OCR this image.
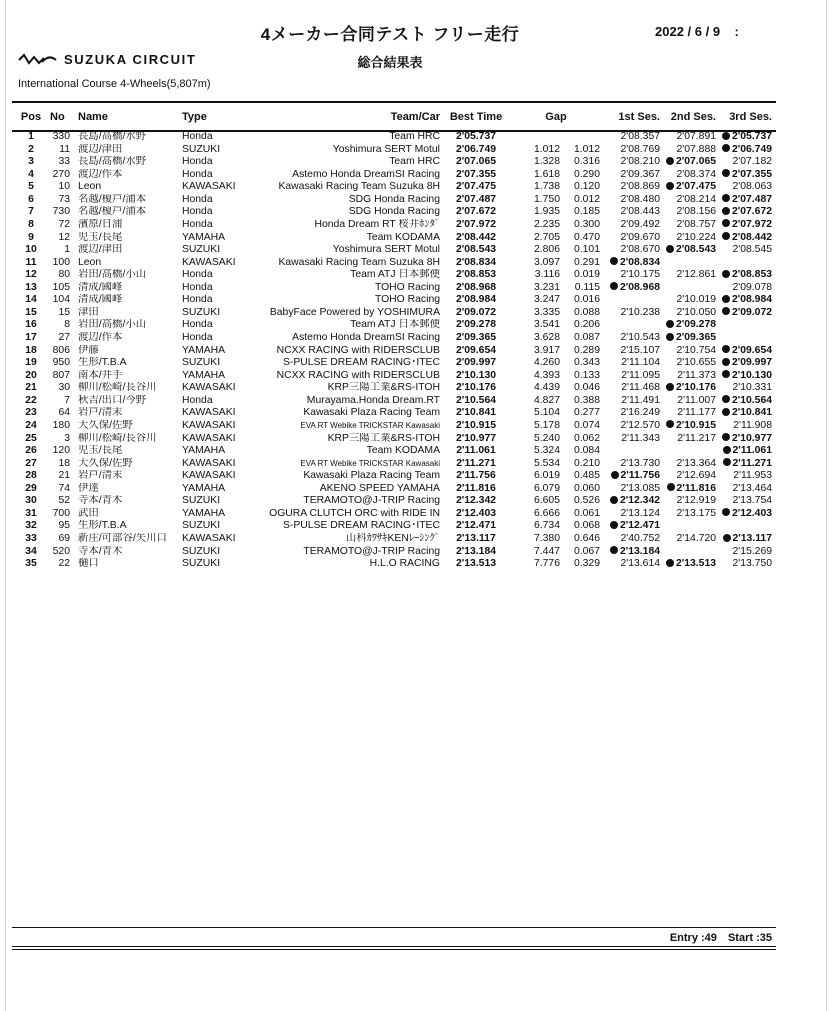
4メーカー合同テスト フリー走行	2022 / 6 / 9 :
総合結果表
SUZUKA CIRCUIT
International Course 4-Wheels(5,807m)
Pos	No	Name	Type	Team/Car	Best Time	Gap		1st Ses.	2nd Ses.	3rd Ses.
1	330	長島/高橋/水野	Honda	Team HRC	2'05.737			2'08.357	2'07.891	2'05.737
2	11	渡辺/津田	SUZUKI	Yoshimura SERT Motul	2'06.749	1.012	1.012	2'08.769	2'07.888	2'06.749
3	33	長島/高橋/水野	Honda	Team HRC	2'07.065	1.328	0.316	2'08.210	2'07.065	2'07.182
4	270	渡辺/作本	Honda	Astemo Honda DreamSI Racing	2'07.355	1.618	0.290	2'09.367	2'08.374	2'07.355
5	10	Leon	KAWASAKI	Kawasaki Racing Team Suzuka 8H	2'07.475	1.738	0.120	2'08.869	2'07.475	2'08.063
6	73	名越/榎戸/浦本	Honda	SDG Honda Racing	2'07.487	1.750	0.012	2'08.480	2'08.214	2'07.487
7	730	名越/榎戸/浦本	Honda	SDG Honda Racing	2'07.672	1.935	0.185	2'08.443	2'08.156	2'07.672
8	72	濱原/日浦	Honda	Honda Dream RT 桜井ﾎﾝﾀﾞ	2'07.972	2.235	0.300	2'09.492	2'08.757	2'07.972
9	12	児玉/長尾	YAMAHA	Team KODAMA	2'08.442	2.705	0.470	2'09.670	2'10.224	2'08.442
10	1	渡辺/津田	SUZUKI	Yoshimura SERT Motul	2'08.543	2.806	0.101	2'08.670	2'08.543	2'08.545
11	100	Leon	KAWASAKI	Kawasaki Racing Team Suzuka 8H	2'08.834	3.097	0.291	2'08.834		
12	80	岩田/高橋/小山	Honda	Team ATJ 日本郵便	2'08.853	3.116	0.019	2'10.175	2'12.861	2'08.853
13	105	清成/國峰	Honda	TOHO Racing	2'08.968	3.231	0.115	2'08.968		2'09.078
14	104	清成/國峰	Honda	TOHO Racing	2'08.984	3.247	0.016		2'10.019	2'08.984
15	15	津田	SUZUKI	BabyFace Powered by YOSHIMURA	2'09.072	3.335	0.088	2'10.238	2'10.050	2'09.072
16	8	岩田/高橋/小山	Honda	Team ATJ 日本郵便	2'09.278	3.541	0.206		2'09.278	
17	27	渡辺/作本	Honda	Astemo Honda DreamSI Racing	2'09.365	3.628	0.087	2'10.543	2'09.365	
18	806	伊藤	YAMAHA	NCXX RACING with RIDERSCLUB	2'09.654	3.917	0.289	2'15.107	2'10.754	2'09.654
19	950	生形/T.B.A	SUZUKI	S-PULSE DREAM RACING･ITEC	2'09.997	4.260	0.343	2'11.104	2'10.655	2'09.997
20	807	南本/井手	YAMAHA	NCXX RACING with RIDERSCLUB	2'10.130	4.393	0.133	2'11.095	2'11.373	2'10.130
21	30	柳川/松崎/長谷川	KAWASAKI	KRP三陽工業&RS-ITOH	2'10.176	4.439	0.046	2'11.468	2'10.176	2'10.331
22	7	秋吉/出口/今野	Honda	Murayama.Honda Dream.RT	2'10.564	4.827	0.388	2'11.491	2'11.007	2'10.564
23	64	岩戸/清末	KAWASAKI	Kawasaki Plaza Racing Team	2'10.841	5.104	0.277	2'16.249	2'11.177	2'10.841
24	180	大久保/佐野	KAWASAKI	EVA RT Webike TRICKSTAR Kawasaki	2'10.915	5.178	0.074	2'12.570	2'10.915	2'11.908
25	3	柳川/松崎/長谷川	KAWASAKI	KRP三陽工業&RS-ITOH	2'10.977	5.240	0.062	2'11.343	2'11.217	2'10.977
26	120	児玉/長尾	YAMAHA	Team KODAMA	2'11.061	5.324	0.084			2'11.061
27	18	大久保/佐野	KAWASAKI	EVA RT Webike TRICKSTAR Kawasaki	2'11.271	5.534	0.210	2'13.730	2'13.364	2'11.271
28	21	岩戸/清末	KAWASAKI	Kawasaki Plaza Racing Team	2'11.756	6.019	0.485	2'11.756	2'12.694	2'11.953
29	74	伊達	YAMAHA	AKENO SPEED YAMAHA	2'11.816	6.079	0.060	2'13.085	2'11.816	2'13.464
30	52	寺本/青木	SUZUKI	TERAMOTO@J-TRIP Racing	2'12.342	6.605	0.526	2'12.342	2'12.919	2'13.754
31	700	武田	YAMAHA	OGURA CLUTCH ORC with RIDE IN	2'12.403	6.666	0.061	2'13.124	2'13.175	2'12.403
32	95	生形/T.B.A	SUZUKI	S-PULSE DREAM RACING･ITEC	2'12.471	6.734	0.068	2'12.471		
33	69	新庄/可部谷/矢川口	KAWASAKI	山科ｶﾜｻｷKENﾚｰｼﾝｸﾞ	2'13.117	7.380	0.646	2'40.752	2'14.720	2'13.117
34	520	寺本/青木	SUZUKI	TERAMOTO@J-TRIP Racing	2'13.184	7.447	0.067	2'13.184		2'15.269
35	22	樋口	SUZUKI	H.L.O RACING	2'13.513	7.776	0.329	2'13.614	2'13.513	2'13.750
Entry :49 Start :35
